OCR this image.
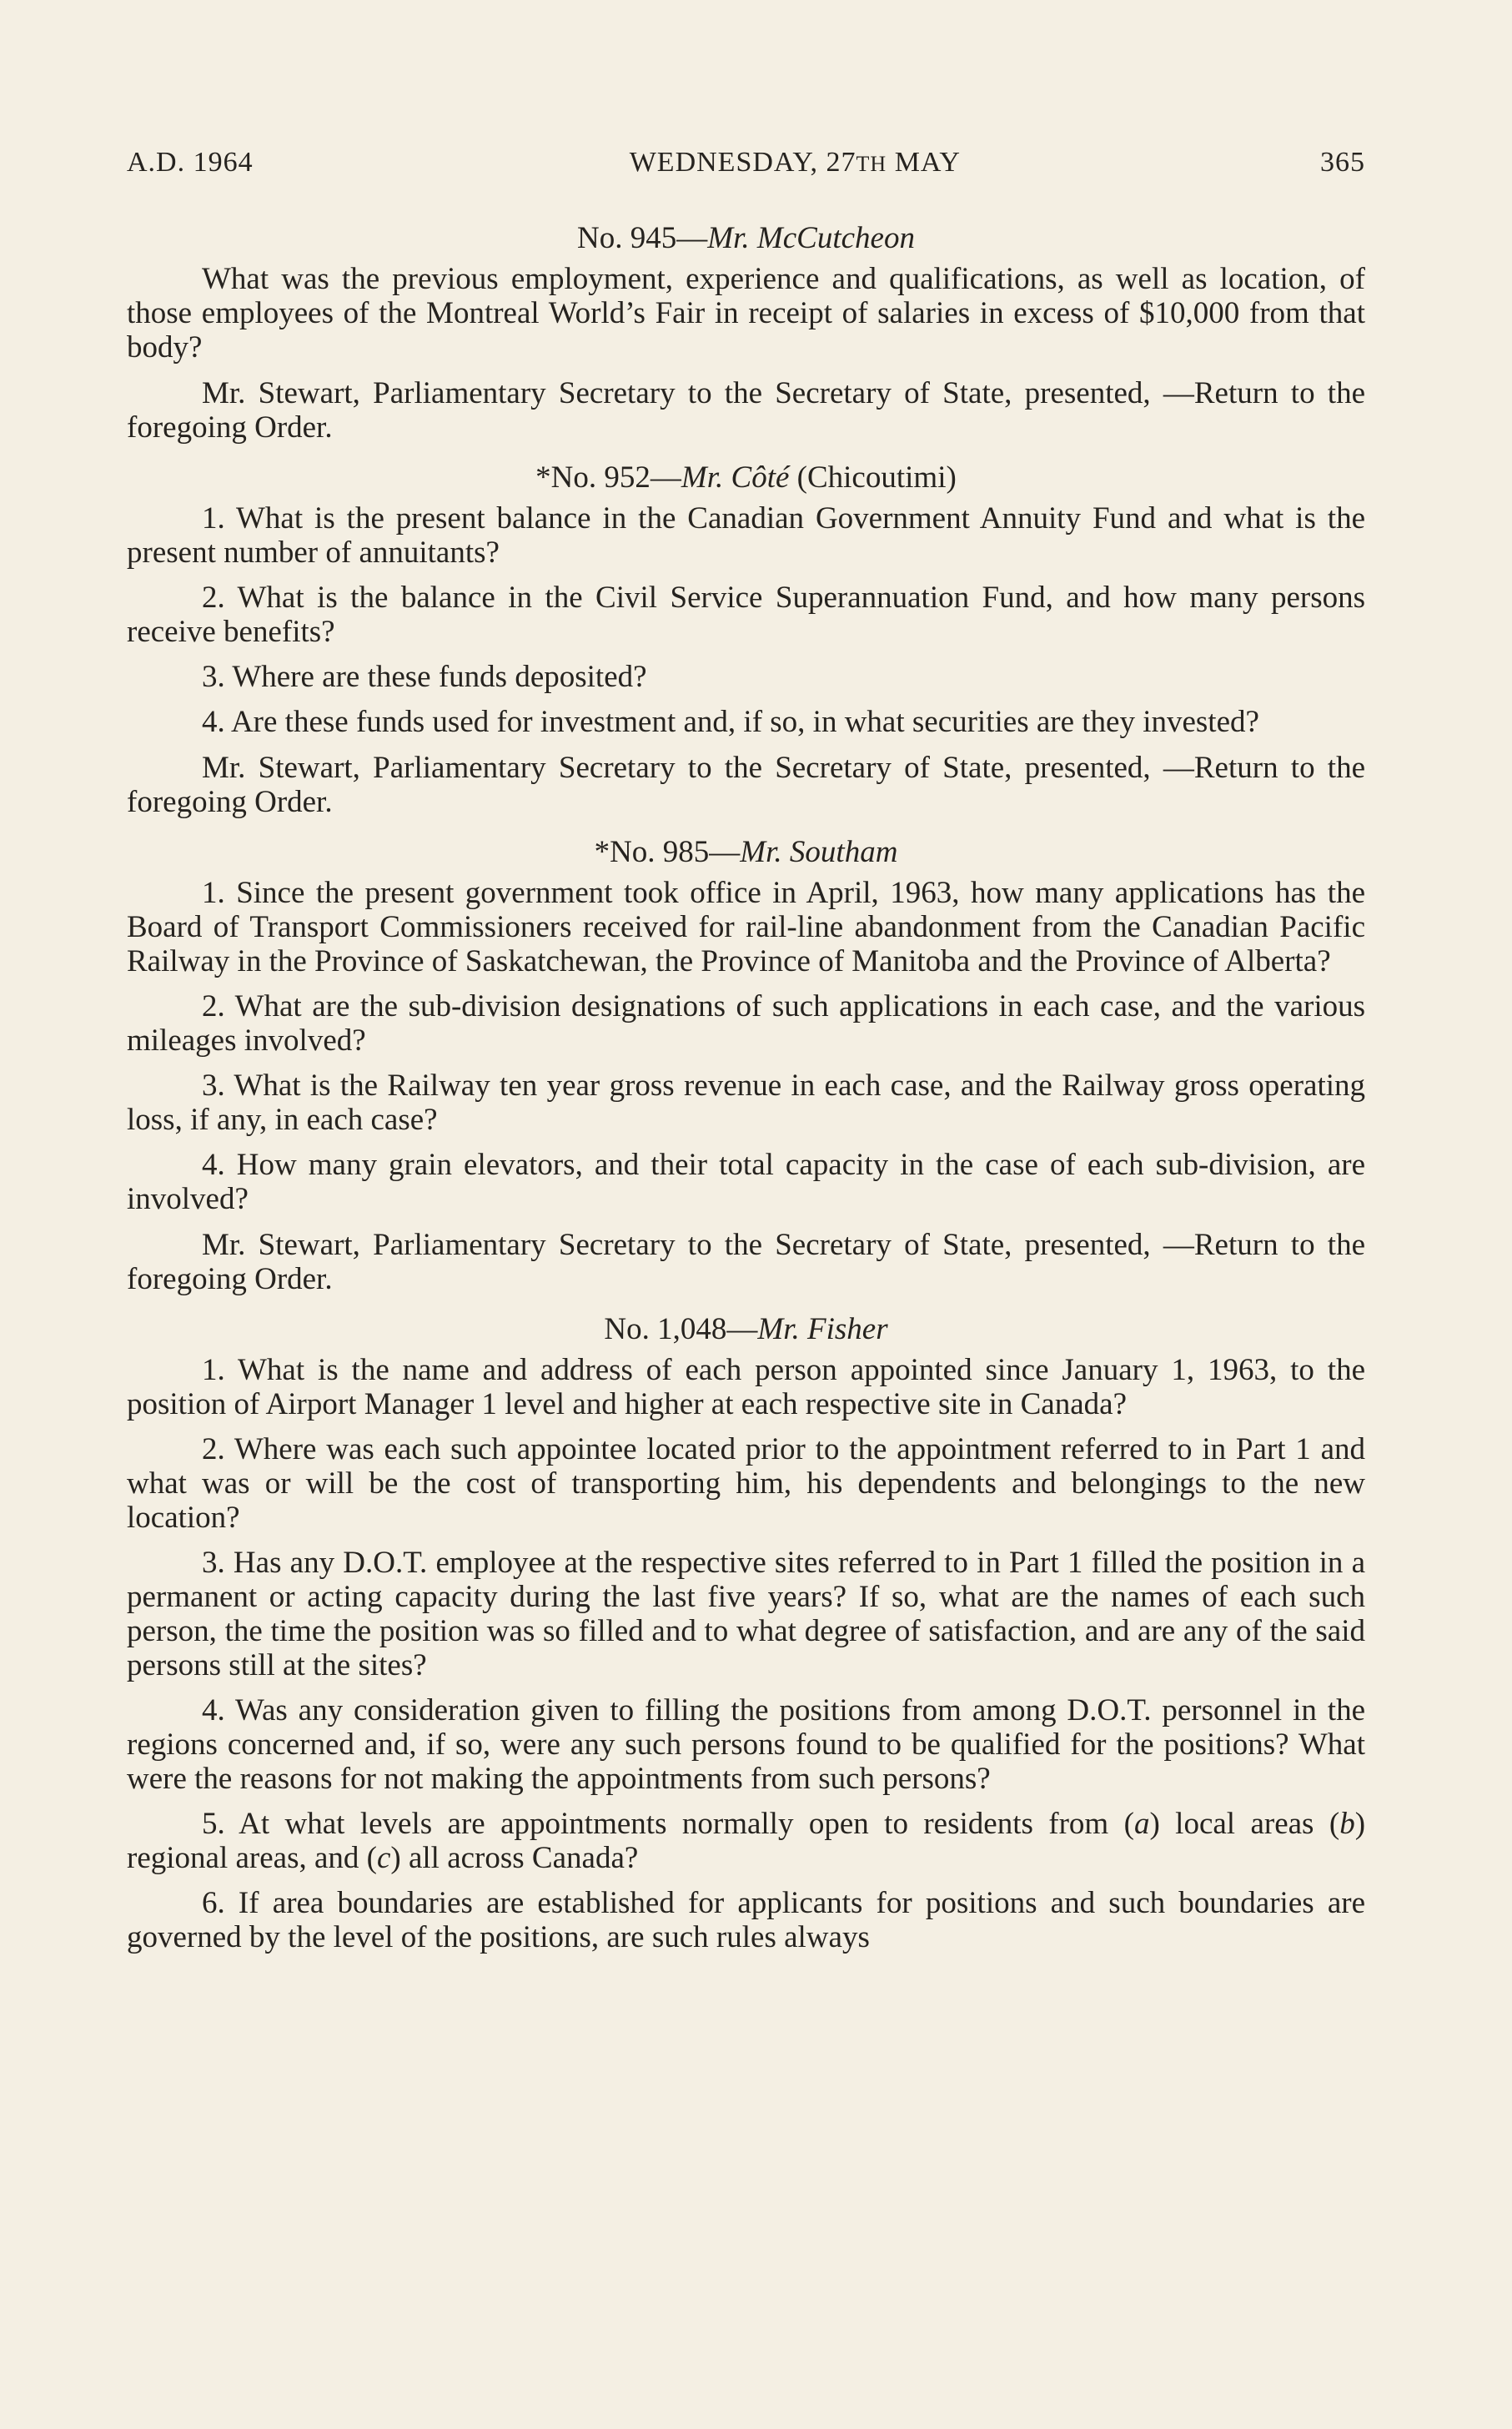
A.D. 1964	WEDNESDAY, 27TH MAY	365
No. 945—Mr. McCutcheon

What was the previous employment, experience and qualifications, as well as location, of those employees of the Montreal World’s Fair in receipt of salaries in excess of $10,000 from that body?

Mr. Stewart, Parliamentary Secretary to the Secretary of State, presented, —Return to the foregoing Order.

*No. 952—Mr. Côté (Chicoutimi)

1. What is the present balance in the Canadian Government Annuity Fund and what is the present number of annuitants?

2. What is the balance in the Civil Service Superannuation Fund, and how many persons receive benefits?

3. Where are these funds deposited?

4. Are these funds used for investment and, if so, in what securities are they invested?

Mr. Stewart, Parliamentary Secretary to the Secretary of State, presented, —Return to the foregoing Order.

*No. 985—Mr. Southam

1. Since the present government took office in April, 1963, how many applications has the Board of Transport Commissioners received for rail-line abandonment from the Canadian Pacific Railway in the Province of Saskatchewan, the Province of Manitoba and the Province of Alberta?

2. What are the sub-division designations of such applications in each case, and the various mileages involved?

3. What is the Railway ten year gross revenue in each case, and the Railway gross operating loss, if any, in each case?

4. How many grain elevators, and their total capacity in the case of each sub-division, are involved?

Mr. Stewart, Parliamentary Secretary to the Secretary of State, presented, —Return to the foregoing Order.

No. 1,048—Mr. Fisher

1. What is the name and address of each person appointed since January 1, 1963, to the position of Airport Manager 1 level and higher at each respective site in Canada?

2. Where was each such appointee located prior to the appointment referred to in Part 1 and what was or will be the cost of transporting him, his dependents and belongings to the new location?

3. Has any D.O.T. employee at the respective sites referred to in Part 1 filled the position in a permanent or acting capacity during the last five years? If so, what are the names of each such person, the time the position was so filled and to what degree of satisfaction, and are any of the said persons still at the sites?

4. Was any consideration given to filling the positions from among D.O.T. personnel in the regions concerned and, if so, were any such persons found to be qualified for the positions? What were the reasons for not making the appointments from such persons?

5. At what levels are appointments normally open to residents from (a) local areas (b) regional areas, and (c) all across Canada?

6. If area boundaries are established for applicants for positions and such boundaries are governed by the level of the positions, are such rules always
